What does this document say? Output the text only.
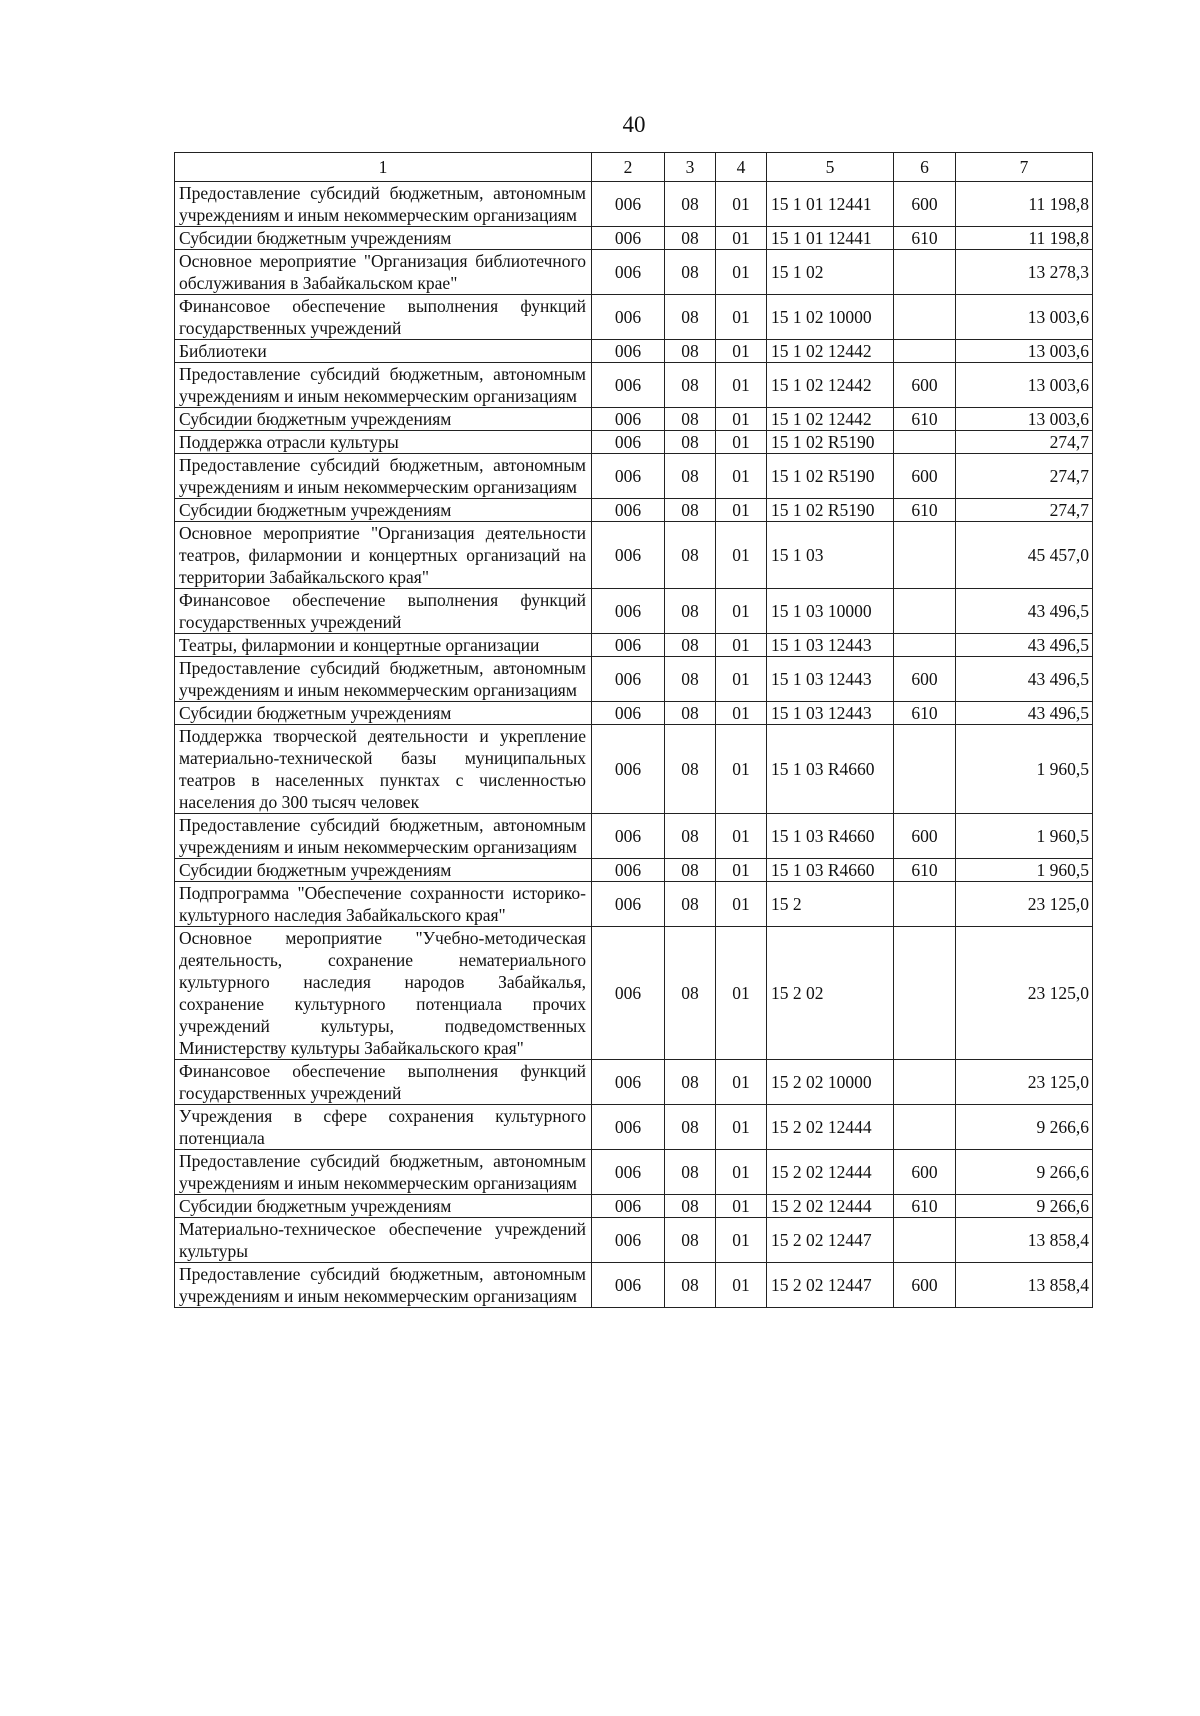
40
1	2	3	4	5	6	7
Предоставление субсидий бюджетным, автономным учреждениям и иным некоммерческим организациям	006	08	01	15 1 01 12441	600	11 198,8
Субсидии бюджетным учреждениям	006	08	01	15 1 01 12441	610	11 198,8
Основное мероприятие "Организация библиотечного обслуживания в Забайкальском крае"	006	08	01	15 1 02		13 278,3
Финансовое обеспечение выполнения функций государственных учреждений	006	08	01	15 1 02 10000		13 003,6
Библиотеки	006	08	01	15 1 02 12442		13 003,6
Предоставление субсидий бюджетным, автономным учреждениям и иным некоммерческим организациям	006	08	01	15 1 02 12442	600	13 003,6
Субсидии бюджетным учреждениям	006	08	01	15 1 02 12442	610	13 003,6
Поддержка отрасли культуры	006	08	01	15 1 02 R5190		274,7
Предоставление субсидий бюджетным, автономным учреждениям и иным некоммерческим организациям	006	08	01	15 1 02 R5190	600	274,7
Субсидии бюджетным учреждениям	006	08	01	15 1 02 R5190	610	274,7
Основное мероприятие "Организация деятельности театров, филармонии и концертных организаций на территории Забайкальского края"	006	08	01	15 1 03		45 457,0
Финансовое обеспечение выполнения функций государственных учреждений	006	08	01	15 1 03 10000		43 496,5
Театры, филармонии и концертные организации	006	08	01	15 1 03 12443		43 496,5
Предоставление субсидий бюджетным, автономным учреждениям и иным некоммерческим организациям	006	08	01	15 1 03 12443	600	43 496,5
Субсидии бюджетным учреждениям	006	08	01	15 1 03 12443	610	43 496,5
Поддержка творческой деятельности и укрепление материально-технической базы муниципальных театров в населенных пунктах с численностью населения до 300 тысяч человек	006	08	01	15 1 03 R4660		1 960,5
Предоставление субсидий бюджетным, автономным учреждениям и иным некоммерческим организациям	006	08	01	15 1 03 R4660	600	1 960,5
Субсидии бюджетным учреждениям	006	08	01	15 1 03 R4660	610	1 960,5
Подпрограмма "Обеспечение сохранности историко-культурного наследия Забайкальского края"	006	08	01	15 2		23 125,0
Основное мероприятие "Учебно-методическая деятельность, сохранение нематериального культурного наследия народов Забайкалья, сохранение культурного потенциала прочих учреждений культуры, подведомственных Министерству культуры Забайкальского края"	006	08	01	15 2 02		23 125,0
Финансовое обеспечение выполнения функций государственных учреждений	006	08	01	15 2 02 10000		23 125,0
Учреждения в сфере сохранения культурного потенциала	006	08	01	15 2 02 12444		9 266,6
Предоставление субсидий бюджетным, автономным учреждениям и иным некоммерческим организациям	006	08	01	15 2 02 12444	600	9 266,6
Субсидии бюджетным учреждениям	006	08	01	15 2 02 12444	610	9 266,6
Материально-техническое обеспечение учреждений культуры	006	08	01	15 2 02 12447		13 858,4
Предоставление субсидий бюджетным, автономным учреждениям и иным некоммерческим организациям	006	08	01	15 2 02 12447	600	13 858,4
